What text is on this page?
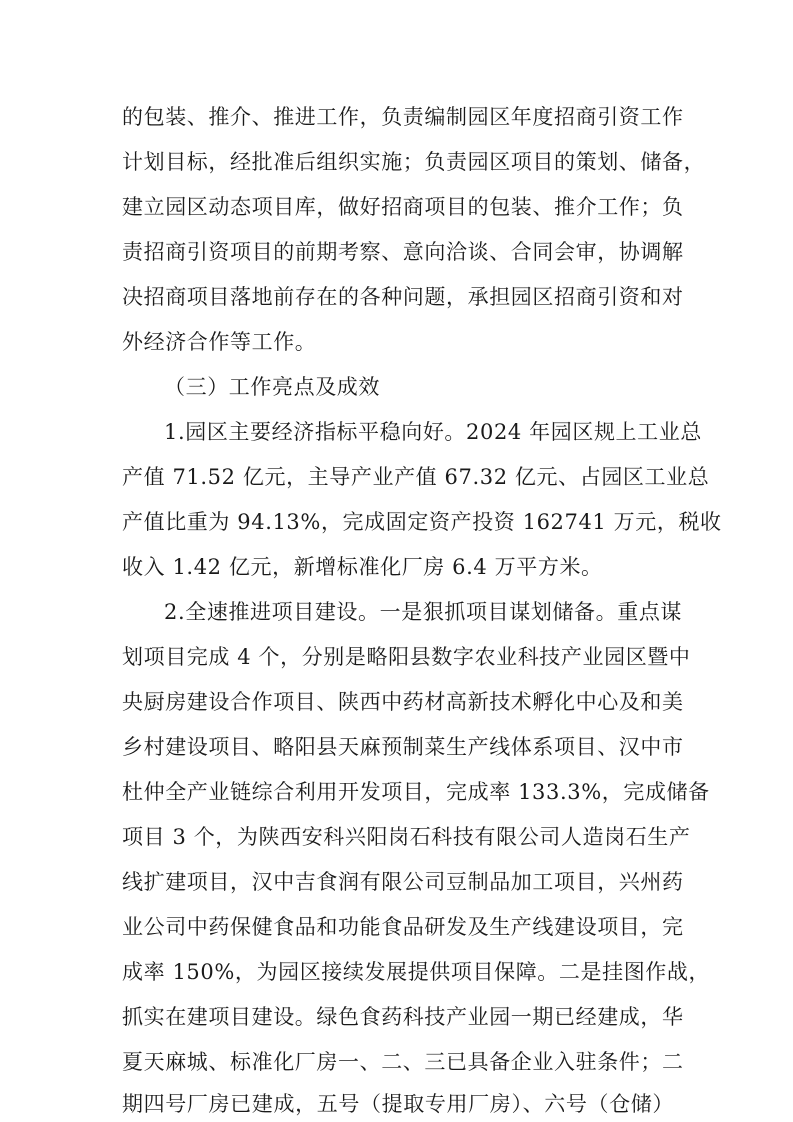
的包装、推介、推进工作，负责编制园区年度招商引资工作
计划目标，经批准后组织实施；负责园区项目的策划、储备，
建立园区动态项目库，做好招商项目的包装、推介工作；负
责招商引资项目的前期考察、意向洽谈、合同会审，协调解
决招商项目落地前存在的各种问题，承担园区招商引资和对
外经济合作等工作。
（三）工作亮点及成效
1.园区主要经济指标平稳向好。2024 年园区规上工业总
产值 71.52 亿元，主导产业产值 67.32 亿元、占园区工业总
产值比重为 94.13%，完成固定资产投资 162741 万元，税收
收入 1.42 亿元，新增标准化厂房 6.4 万平方米。
2.全速推进项目建设。一是狠抓项目谋划储备。重点谋
划项目完成 4 个，分别是略阳县数字农业科技产业园区暨中
央厨房建设合作项目、陕西中药材高新技术孵化中心及和美
乡村建设项目、略阳县天麻预制菜生产线体系项目、汉中市
杜仲全产业链综合利用开发项目，完成率 133.3%，完成储备
项目 3 个，为陕西安科兴阳岗石科技有限公司人造岗石生产
线扩建项目，汉中吉食润有限公司豆制品加工项目，兴州药
业公司中药保健食品和功能食品研发及生产线建设项目，完
成率 150%，为园区接续发展提供项目保障。二是挂图作战，
抓实在建项目建设。绿色食药科技产业园一期已经建成，华
夏天麻城、标准化厂房一、二、三已具备企业入驻条件；二
期四号厂房已建成，五号（提取专用厂房）、六号（仓储）
